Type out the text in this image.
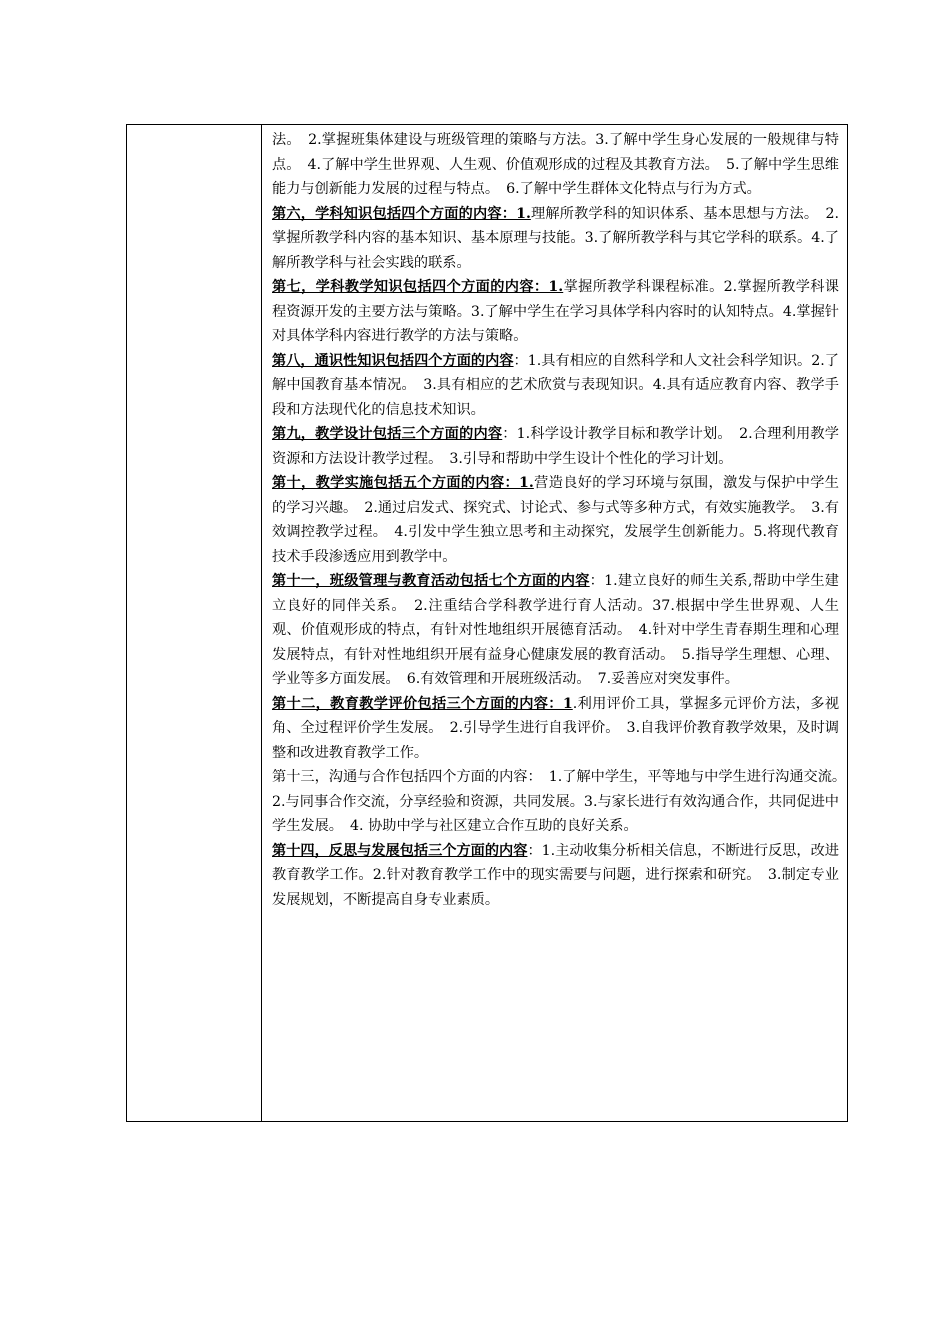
法。　2.掌握班集体建设与班级管理的策略与方法。3.了解中学生身心发展的一般规律与特点。　4.了解中学生世界观、人生观、价值观形成的过程及其教育方法。　5.了解中学生思维能力与创新能力发展的过程与特点。　6.了解中学生群体文化特点与行为方式。

第六，学科知识包括四个方面的内容：1.理解所教学科的知识体系、基本思想与方法。　2.掌握所教学科内容的基本知识、基本原理与技能。3.了解所教学科与其它学科的联系。4.了解所教学科与社会实践的联系。

第七，学科教学知识包括四个方面的内容：1.掌握所教学科课程标准。2.掌握所教学科课程资源开发的主要方法与策略。3.了解中学生在学习具体学科内容时的认知特点。4.掌握针对具体学科内容进行教学的方法与策略。

第八，通识性知识包括四个方面的内容：1.具有相应的自然科学和人文社会科学知识。2.了解中国教育基本情况。　3.具有相应的艺术欣赏与表现知识。4.具有适应教育内容、教学手段和方法现代化的信息技术知识。

第九，教学设计包括三个方面的内容：1.科学设计教学目标和教学计划。　2.合理利用教学资源和方法设计教学过程。　3.引导和帮助中学生设计个性化的学习计划。

第十，教学实施包括五个方面的内容：1.营造良好的学习环境与氛围，激发与保护中学生的学习兴趣。　2.通过启发式、探究式、讨论式、参与式等多种方式，有效实施教学。　3.有效调控教学过程。　4.引发中学生独立思考和主动探究，发展学生创新能力。5.将现代教育技术手段渗透应用到教学中。

第十一，班级管理与教育活动包括七个方面的内容：1.建立良好的师生关系,帮助中学生建立良好的同伴关系。　2.注重结合学科教学进行育人活动。37.根据中学生世界观、人生观、价值观形成的特点，有针对性地组织开展德育活动。　4.针对中学生青春期生理和心理发展特点，有针对性地组织开展有益身心健康发展的教育活动。　5.指导学生理想、心理、学业等多方面发展。　6.有效管理和开展班级活动。　7.妥善应对突发事件。

第十二，教育教学评价包括三个方面的内容：1.利用评价工具，掌握多元评价方法，多视角、全过程评价学生发展。　2.引导学生进行自我评价。　3.自我评价教育教学效果，及时调整和改进教育教学工作。

第十三，沟通与合作包括四个方面的内容：　1.了解中学生，平等地与中学生进行沟通交流。　2.与同事合作交流，分享经验和资源，共同发展。3.与家长进行有效沟通合作，共同促进中学生发展。　4. 协助中学与社区建立合作互助的良好关系。

第十四，反思与发展包括三个方面的内容：1.主动收集分析相关信息，不断进行反思，改进教育教学工作。2.针对教育教学工作中的现实需要与问题，进行探索和研究。　3.制定专业发展规划，不断提高自身专业素质。
